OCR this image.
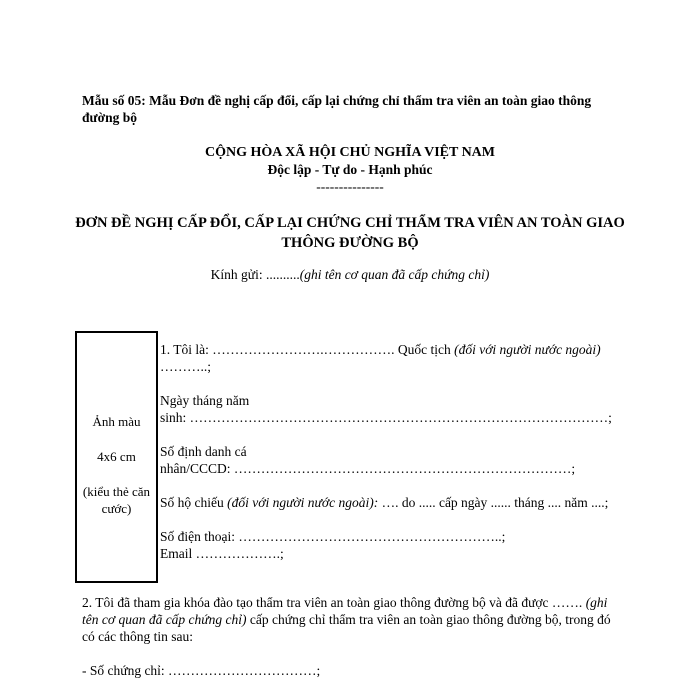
Mẫu số 05: Mẫu Đơn đề nghị cấp đổi, cấp lại chứng chỉ thẩm tra viên an toàn giao thông đường bộ
CỘNG HÒA XÃ HỘI CHỦ NGHĨA VIỆT NAM
Độc lập - Tự do - Hạnh phúc
---------------
ĐƠN ĐỀ NGHỊ CẤP ĐỔI, CẤP LẠI CHỨNG CHỈ THẨM TRA VIÊN AN TOÀN GIAO THÔNG ĐƯỜNG BỘ
Kính gửi: ..........(ghi tên cơ quan đã cấp chứng chỉ)
Ảnh màu
4x6 cm
(kiểu thẻ căn cước)

1. Tôi là: …………………….……………. Quốc tịch (đối với người nước ngoài) ………..;

Ngày tháng năm

sinh: …………………………………………………………………………………;

Số định danh cá

nhân/CCCD: …………………………………………………………………;

Số hộ chiếu (đối với người nước ngoài): …. do ..... cấp ngày ...... tháng .... năm ....;

Số điện thoại: …………………………………………………..;

Email ……………….;

2. Tôi đã tham gia khóa đào tạo thẩm tra viên an toàn giao thông đường bộ và đã được ……. (ghi tên cơ quan đã cấp chứng chỉ) cấp chứng chỉ thẩm tra viên an toàn giao thông đường bộ, trong đó có các thông tin sau:

- Số chứng chỉ: ……………………………;
